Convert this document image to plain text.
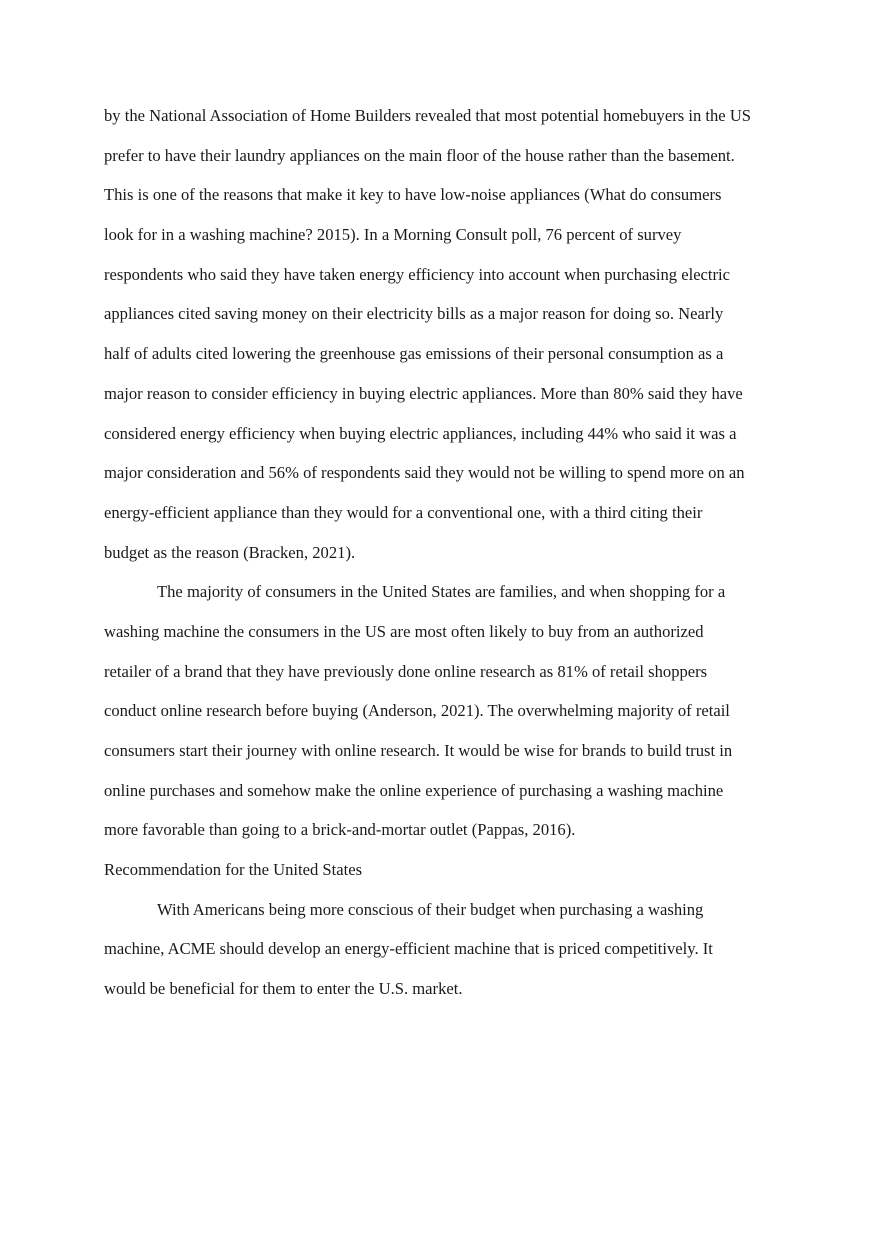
by the National Association of Home Builders revealed that most potential homebuyers in the US

prefer to have their laundry appliances on the main floor of the house rather than the basement.

This is one of the reasons that make it key to have low-noise appliances (What do consumers

look for in a washing machine? 2015). In a Morning Consult poll, 76 percent of survey

respondents who said they have taken energy efficiency into account when purchasing electric

appliances cited saving money on their electricity bills as a major reason for doing so. Nearly

half of adults cited lowering the greenhouse gas emissions of their personal consumption as a

major reason to consider efficiency in buying electric appliances. More than 80% said they have

considered energy efficiency when buying electric appliances, including 44% who said it was a

major consideration and 56% of respondents said they would not be willing to spend more on an

energy-efficient appliance than they would for a conventional one, with a third citing their

budget as the reason (Bracken, 2021).

The majority of consumers in the United States are families, and when shopping for a

washing machine the consumers in the US are most often likely to buy from an authorized

retailer of a brand that they have previously done online research as 81% of retail shoppers

conduct online research before buying (Anderson, 2021). The overwhelming majority of retail

consumers start their journey with online research. It would be wise for brands to build trust in

online purchases and somehow make the online experience of purchasing a washing machine

more favorable than going to a brick-and-mortar outlet (Pappas, 2016).

Recommendation for the United States

With Americans being more conscious of their budget when purchasing a washing

machine, ACME should develop an energy-efficient machine that is priced competitively. It

would be beneficial for them to enter the U.S. market.
